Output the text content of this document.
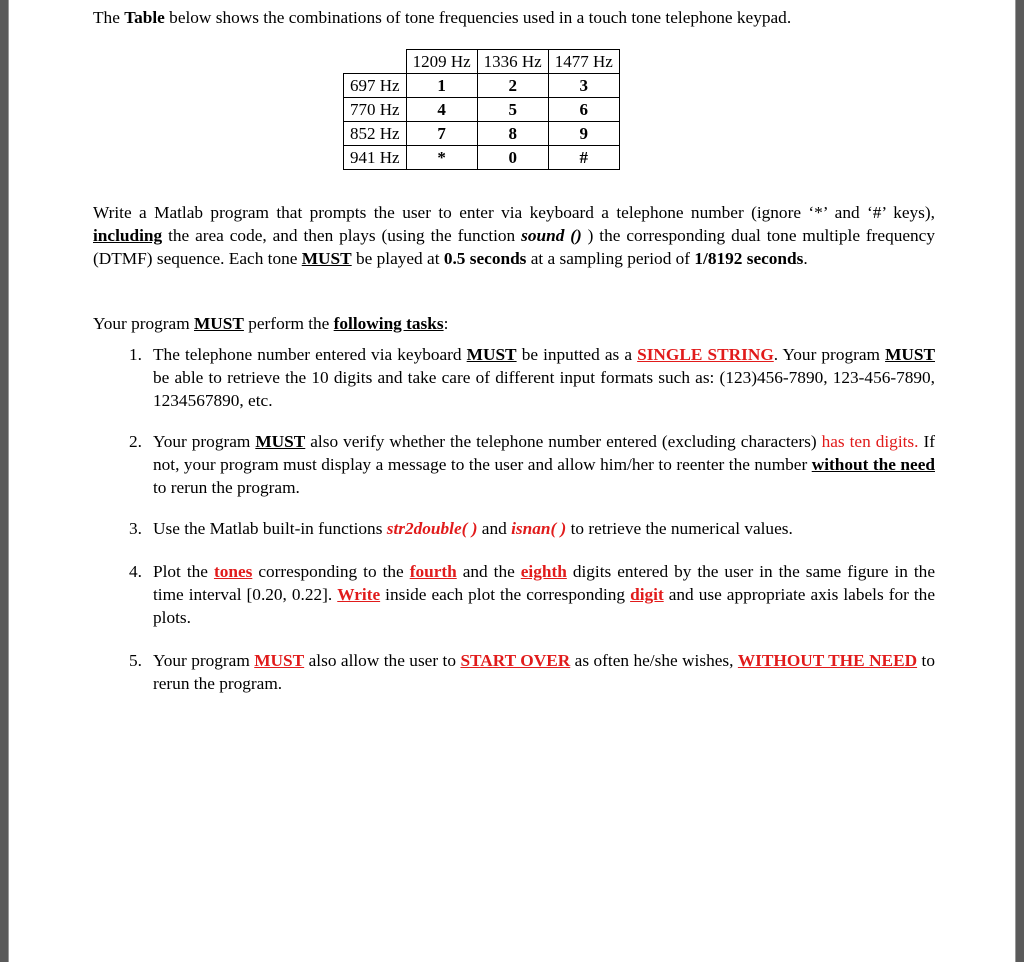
The Table below shows the combinations of tone frequencies used in a touch tone telephone keypad.

	1209 Hz	1336 Hz	1477 Hz
697 Hz	1	2	3
770 Hz	4	5	6
852 Hz	7	8	9
941 Hz	*	0	#

Write a Matlab program that prompts the user to enter via keyboard a telephone number (ignore ‘*’ and ‘#’ keys), including the area code, and then plays (using the function sound () ) the corresponding dual tone multiple frequency (DTMF) sequence. Each tone MUST be played at 0.5 seconds at a sampling period of 1/8192 seconds.

Your program MUST perform the following tasks:

1. The telephone number entered via keyboard MUST be inputted as a SINGLE STRING. Your program MUST be able to retrieve the 10 digits and take care of different input formats such as: (123)456-7890, 123-456-7890, 1234567890, etc.
2. Your program MUST also verify whether the telephone number entered (excluding characters) has ten digits. If not, your program must display a message to the user and allow him/her to reenter the number without the need to rerun the program.
3. Use the Matlab built-in functions str2double( ) and isnan( ) to retrieve the numerical values.
4. Plot the tones corresponding to the fourth and the eighth digits entered by the user in the same figure in the time interval [0.20, 0.22]. Write inside each plot the corresponding digit and use appropriate axis labels for the plots.
5. Your program MUST also allow the user to START OVER as often he/she wishes, WITHOUT THE NEED to rerun the program.
